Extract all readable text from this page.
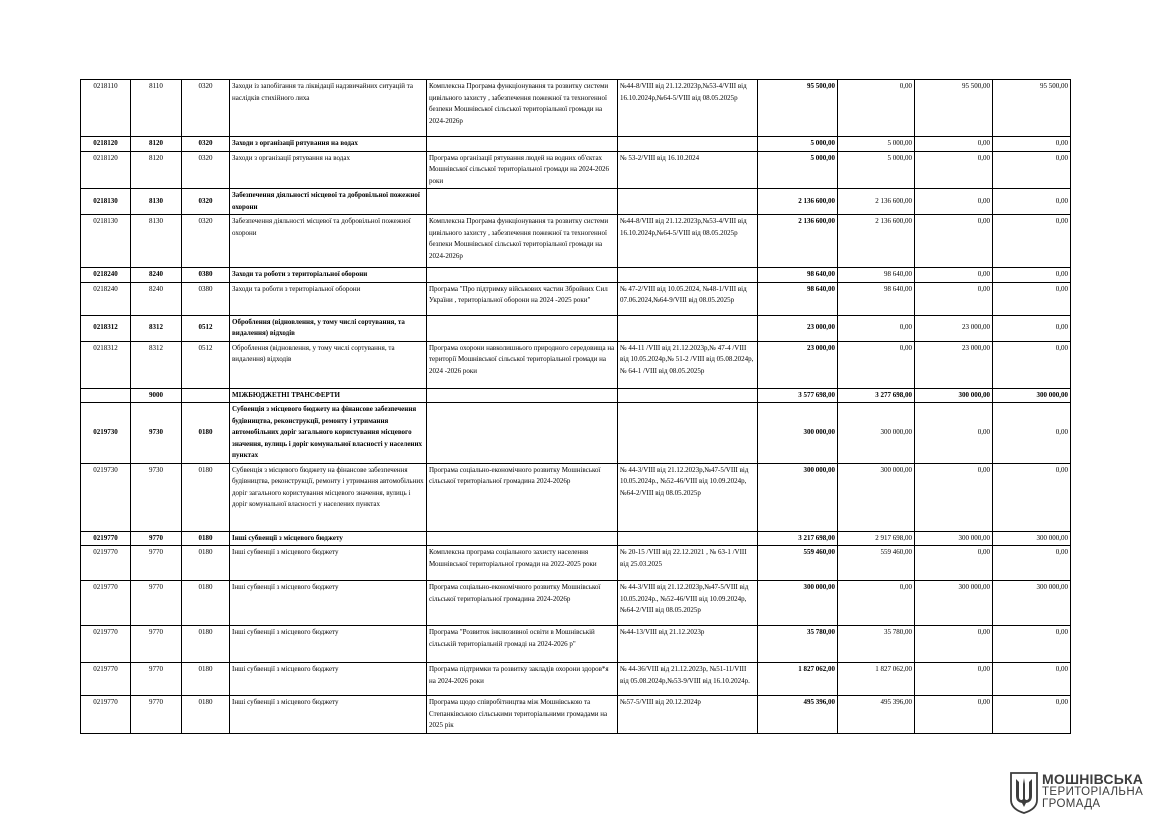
0218110	8110	0320	Заходи із запобігання та ліквідації надзвичайних ситуацій та наслідків стихійного лиха	Комплексна Програма функціонування та розвитку системи цивільного захисту , забезпечення пожежної та техногенної безпеки Мошнівської сільської територіальної громади на 2024-2026р	№44-8/VIII від 21.12.2023р,№53-4/VIII від 16.10.2024р,№64-5/VIII від 08.05.2025р	95 500,00	0,00	95 500,00	95 500,00
0218120	8120	0320	Заходи з організації рятування на водах			5 000,00	5 000,00	0,00	0,00
0218120	8120	0320	Заходи з організації рятування на водах	Програма організації рятування людей на водних об'єктах Мошнівської сільської територіальної громади на 2024-2026 роки	№ 53-2/VIII від 16.10.2024	5 000,00	5 000,00	0,00	0,00
0218130	8130	0320	Забезпечення діяльності місцевої та добровільної пожежної охорони			2 136 600,00	2 136 600,00	0,00	0,00
0218130	8130	0320	Забезпечення діяльності місцевої та добровільної пожежної охорони	Комплексна Програма функціонування та розвитку системи цивільного захисту , забезпечення пожежної та техногенної безпеки Мошнівської сільської територіальної громади на 2024-2026р	№44-8/VIII від 21.12.2023р,№53-4/VIII від 16.10.2024р,№64-5/VIII від 08.05.2025р	2 136 600,00	2 136 600,00	0,00	0,00
0218240	8240	0380	Заходи та роботи з територіальної оборони			98 640,00	98 640,00	0,00	0,00
0218240	8240	0380	Заходи та роботи з територіальної оборони	Програма "Про підтримку військових частин Збройних Сил України , територіальної оборони на 2024 -2025 роки"	№ 47-2/VIII від 10.05.2024, №48-1/VIII від 07.06.2024,№64-9/VIII від 08.05.2025р	98 640,00	98 640,00	0,00	0,00
0218312	8312	0512	Оброблення (відновлення, у тому числі сортування, та видалення) відходів			23 000,00	0,00	23 000,00	0,00
0218312	8312	0512	Оброблення (відновлення, у тому числі сортування, та видалення) відходів	Програма охорони навколишнього природного середовища на території Мошнівської сільської територіальної громади на 2024 -2026 роки	№ 44-11 /VIII від 21.12.2023р,№ 47-4 /VIII від 10.05.2024р,№ 51-2 /VIII від 05.08.2024р,№ 64-1 /VIII від 08.05.2025р	23 000,00	0,00	23 000,00	0,00
	9000		МІЖБЮДЖЕТНІ ТРАНСФЕРТИ			3 577 698,00	3 277 698,00	300 000,00	300 000,00
0219730	9730	0180	Субвенція з місцевого бюджету на фінансове забезпечення будівництва, реконструкції, ремонту і утримання автомобільних доріг загального користування місцевого значення, вулиць і доріг комунальної власності у населених пунктах			300 000,00	300 000,00	0,00	0,00
0219730	9730	0180	Субвенція з місцевого бюджету на фінансове забезпечення будівництва, реконструкції, ремонту і утримання автомобільних доріг загального користування місцевого значення, вулиць і доріг комунальної власності у населених пунктах	Програма соціально-економічного розвитку Мошнівської сільської територіальної громадина 2024-2026р	№ 44-3/VIII від 21.12.2023р,№47-5/VIII від 10.05.2024р., №52-46/VIII від 10.09.2024р,№64-2/VIII від 08.05.2025р	300 000,00	300 000,00	0,00	0,00
0219770	9770	0180	Інші субвенції з місцевого бюджету			3 217 698,00	2 917 698,00	300 000,00	300 000,00
0219770	9770	0180	Інші субвенції з місцевого бюджету	Комплексна програма соціального захисту населення Мошнівської територіальної громади на 2022-2025 роки	№ 20-15 /VIII від 22.12.2021 , № 63-1 /VIII від 25.03.2025	559 460,00	559 460,00	0,00	0,00
0219770	9770	0180	Інші субвенції з місцевого бюджету	Програма соціально-економічного розвитку Мошнівської сільської територіальної громадина 2024-2026р	№ 44-3/VIII від 21.12.2023р,№47-5/VIII від 10.05.2024р., №52-46/VIII від 10.09.2024р,№64-2/VIII від 08.05.2025р	300 000,00	0,00	300 000,00	300 000,00
0219770	9770	0180	Інші субвенції з місцевого бюджету	Програма "Розвиток інклюзивної освіти в Мошнівській сільській територіальній громаді на 2024-2026 р"	№44-13/VIII від 21.12.2023р	35 780,00	35 780,00	0,00	0,00
0219770	9770	0180	Інші субвенції з місцевого бюджету	Програма підтримки та розвитку закладів охорони здоров*я на 2024-2026 роки	№ 44-36/VIII від 21.12.2023р, №51-11/VIII від 05.08.2024р,№53-9/VIII від 16.10.2024р.	1 827 062,00	1 827 062,00	0,00	0,00
0219770	9770	0180	Інші субвенції з місцевого бюджету	Програма щодо співробітництва між Мошнівською та Степанківською сільськими територіальними громадами на 2025 рік	№57-5/VIII від 20.12.2024р	495 396,00	495 396,00	0,00	0,00
МОШНІВСЬКА
ТЕРИТОРІАЛЬНА
ГРОМАДА
